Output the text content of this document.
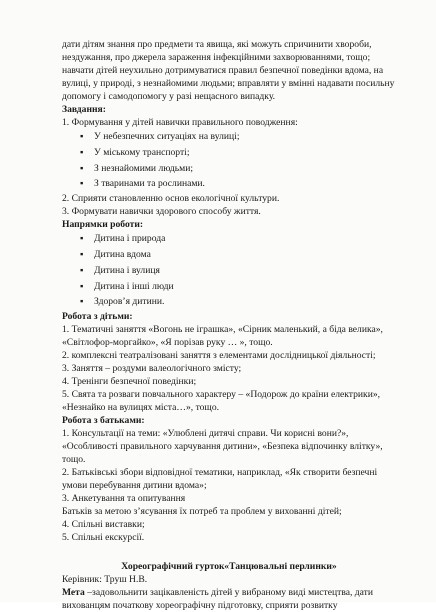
дати дітям знання про предмети та явища, які можуть спричинити хвороби, нездужання, про джерела зараження інфекційними захворюваннями, тощо; навчати дітей неухильно дотримуватися правил безпечної поведінки вдома, на вулиці, у природі, з незнайомими людьми; вправляти у вмінні надавати посильну допомогу і самодопомогу у разі нещасного випадку.

Завдання:

1. Формування у дітей навички правильного поводження:

▪ У небезпечних ситуаціях на вулиці;
▪ У міському транспорті;
▪ З незнайомими людьми;
▪ З тваринами та рослинами.

2. Сприяти становленню основ екологічної культури.

3. Формувати навички здорового способу життя.

Напрямки роботи:

▪ Дитина і природа
▪ Дитина вдома
▪ Дитина і вулиця
▪ Дитина і інші люди
▪ Здоров’я дитини.

Робота з дітьми:

1. Тематичні заняття «Вогонь не іграшка», «Сірник маленький, а біда велика», «Світлофор-моргайко», «Я порізав руку … », тощо.

2. комплексні театралізовані заняття з елементами дослідницької діяльності;

3. Заняття – роздуми валеологічного змісту;

4. Тренінги безпечної поведінки;

5. Свята та розваги повчального характеру – «Подорож до країни електрики», «Незнайко на вулицях міста…», тощо.

Робота з батьками:

1. Консультації на теми: «Улюблені дитячі справи. Чи корисні вони?», «Особливості правильного харчування дитини», «Безпека відпочинку влітку», тощо.

2. Батьківські збори відповідної тематики, наприклад, «Як створити безпечні умови перебування дитини вдома»;

3. Анкетування та опитування

Батьків за метою з’ясування їх потреб та проблем у вихованні дітей;

4. Спільні виставки;

5. Спільні екскурсії.

Хореографічний гурток«Танцювальні перлинки»

Керівник: Труш Н.В.

Мета –задовольнити зацікавленість дітей у вибраному виді мистецтва, дати вихованцям початкову хореографічну підготовку, сприяти розвитку
